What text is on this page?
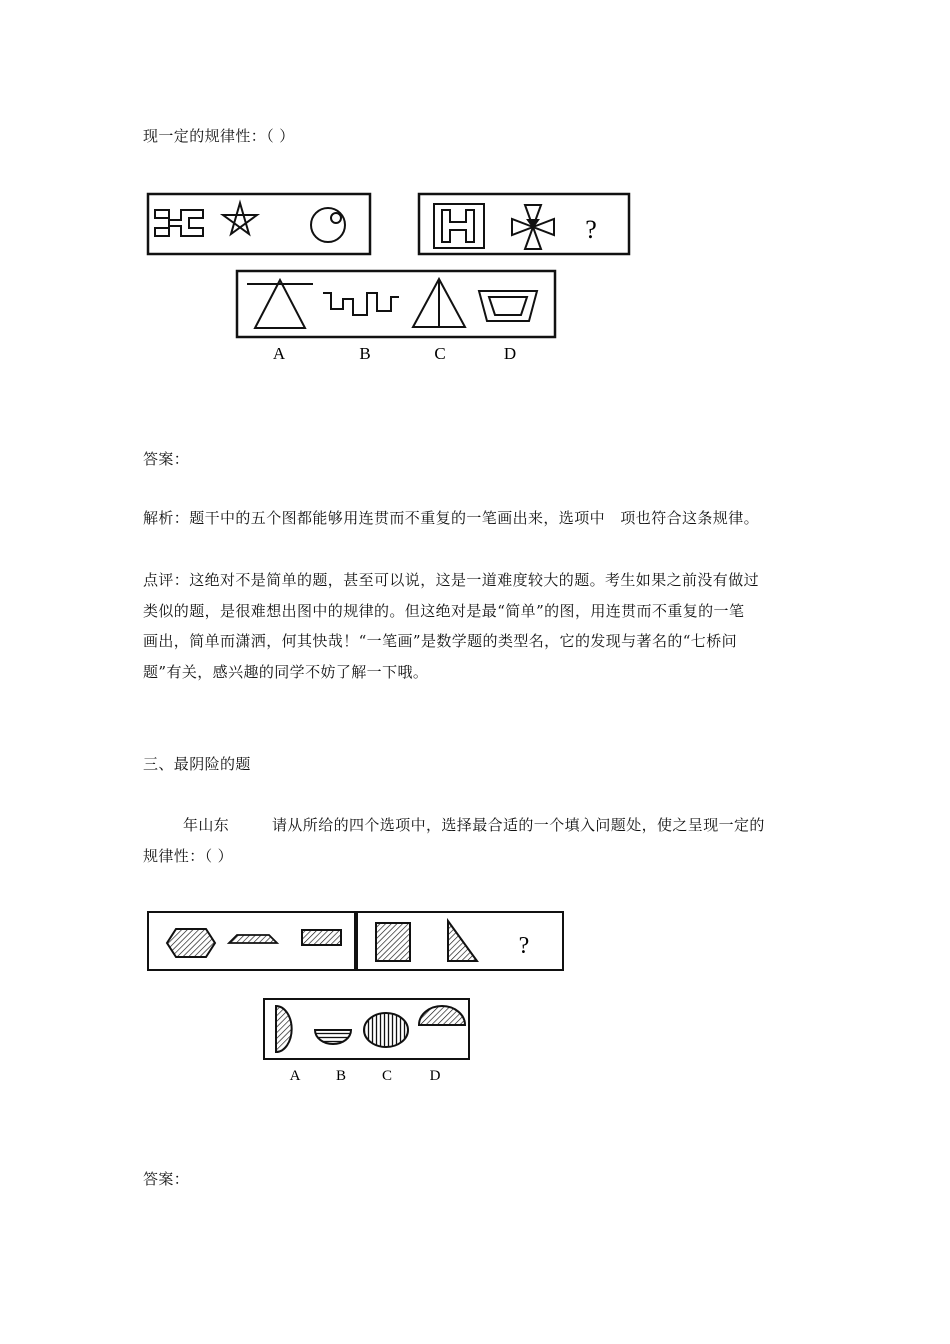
现一定的规律性：（ ）
?
A	B	C	D
答案：
解析：题干中的五个图都能够用连贯而不重复的一笔画出来，选项中　项也符合这条规律。
点评：这绝对不是简单的题，甚至可以说，这是一道难度较大的题。考生如果之前没有做过
类似的题，是很难想出图中的规律的。但这绝对是最“简单”的图，用连贯而不重复的一笔
画出，简单而潇洒，何其快哉！“一笔画”是数学题的类型名，它的发现与著名的“七桥问
题”有关，感兴趣的同学不妨了解一下哦。
三、最阴险的题
年山东	请从所给的四个选项中，选择最合适的一个填入问题处，使之呈现一定的
规律性：（ ）
?
A B C	D
答案：
